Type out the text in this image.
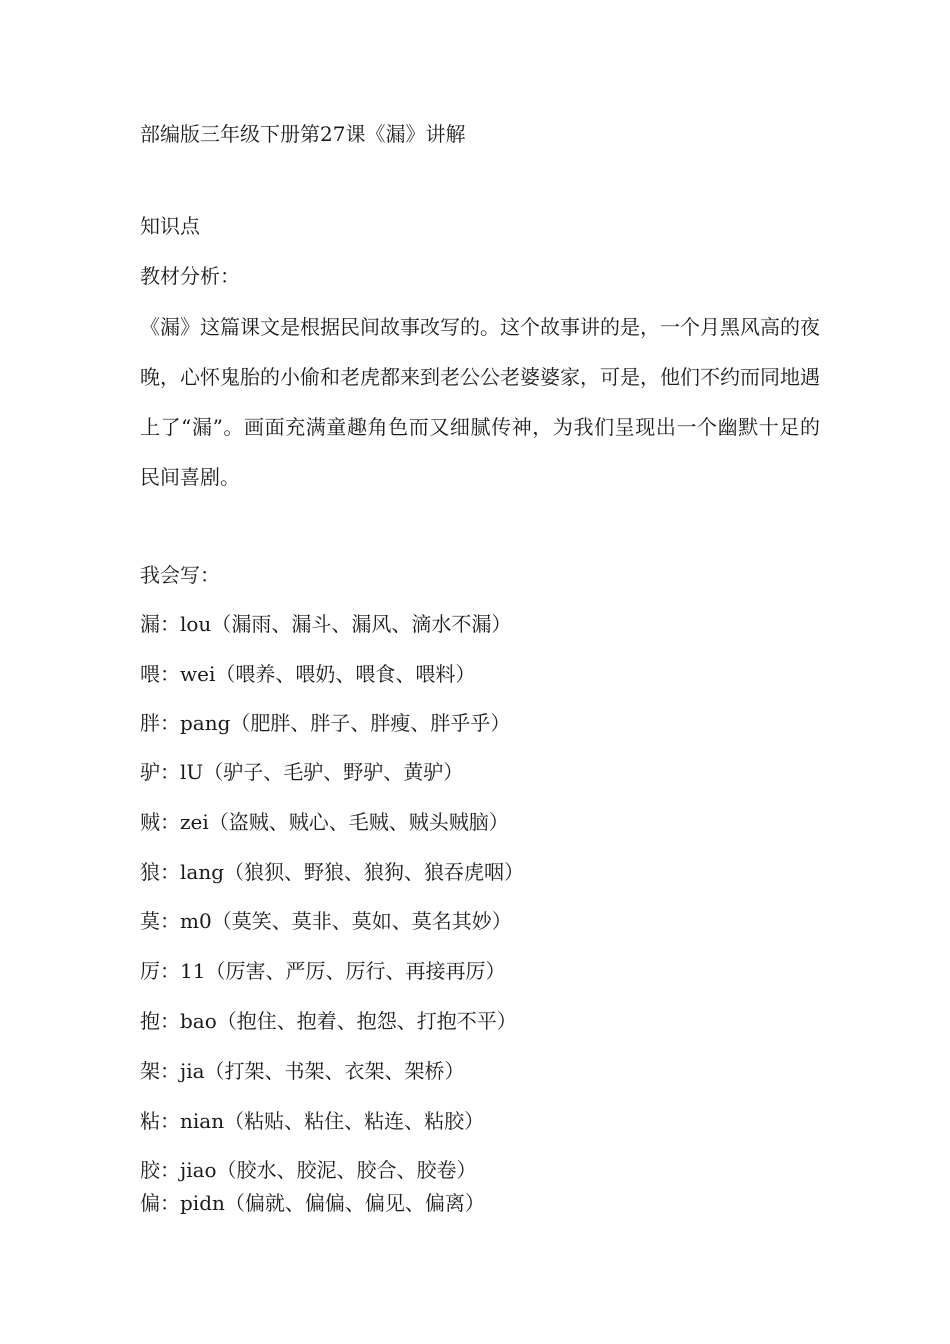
部编版三年级下册第27课《漏》讲解
知识点
教材分析：
《漏》这篇课文是根据民间故事改写的。这个故事讲的是，一个月黑风高的夜晚，心怀鬼胎的小偷和老虎都来到老公公老婆婆家，可是，他们不约而同地遇上了“漏”。画面充满童趣角色而又细腻传神，为我们呈现出一个幽默十足的民间喜剧。
我会写：
漏：lou（漏雨、漏斗、漏风、滴水不漏）
喂：wei（喂养、喂奶、喂食、喂料）
胖：pang（肥胖、胖子、胖瘦、胖乎乎）
驴：lU（驴子、毛驴、野驴、黄驴）
贼：zei（盗贼、贼心、毛贼、贼头贼脑）
狼：lang（狼狈、野狼、狼狗、狼吞虎咽）
莫：m0（莫笑、莫非、莫如、莫名其妙）
厉：11（厉害、严厉、厉行、再接再厉）
抱：bao（抱住、抱着、抱怨、打抱不平）
架：jia（打架、书架、衣架、架桥）
粘：nian（粘贴、粘住、粘连、粘胶）
胶：jiao（胶水、胶泥、胶合、胶卷）
偏：pidn（偏就、偏偏、偏见、偏离）
